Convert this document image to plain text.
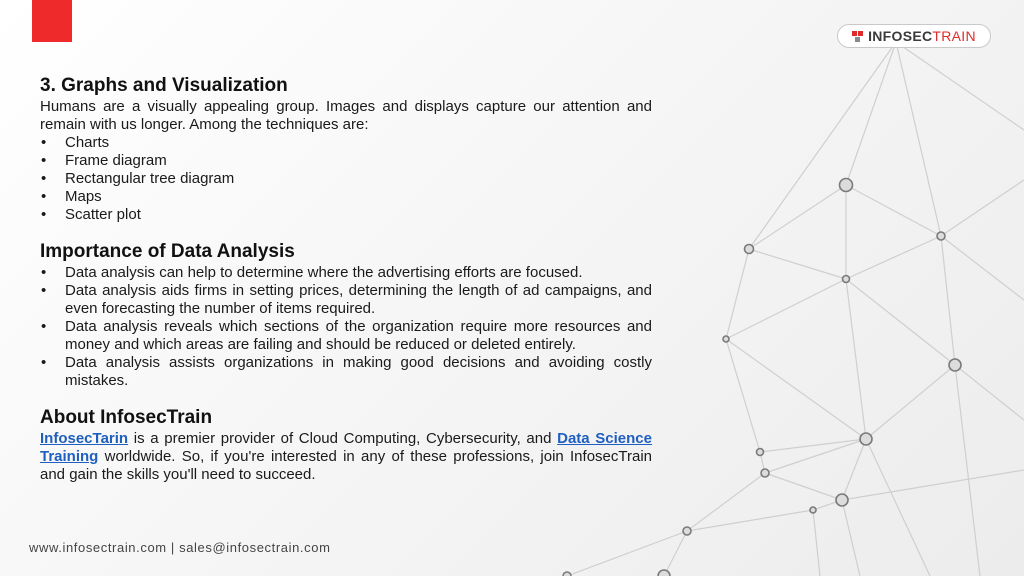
INFOSECTRAIN
3. Graphs and Visualization

Humans are a visually appealing group. Images and displays capture our attention and remain with us longer. Among the techniques are:

• Charts
• Frame diagram
• Rectangular tree diagram
• Maps
• Scatter plot
Importance of Data Analysis
• Data analysis can help to determine where the advertising efforts are focused.
• Data analysis aids firms in setting prices, determining the length of ad campaigns, and even forecasting the number of items required.
• Data analysis reveals which sections of the organization require more resources and money and which areas are failing and should be reduced or deleted entirely.
• Data analysis assists organizations in making good decisions and avoiding costly mistakes.
About InfosecTrain

InfosecTarin is a premier provider of Cloud Computing, Cybersecurity, and Data Science Training worldwide. So, if you're interested in any of these professions, join InfosecTrain and gain the skills you'll need to succeed.

www.infosectrain.com | sales@infosectrain.com
